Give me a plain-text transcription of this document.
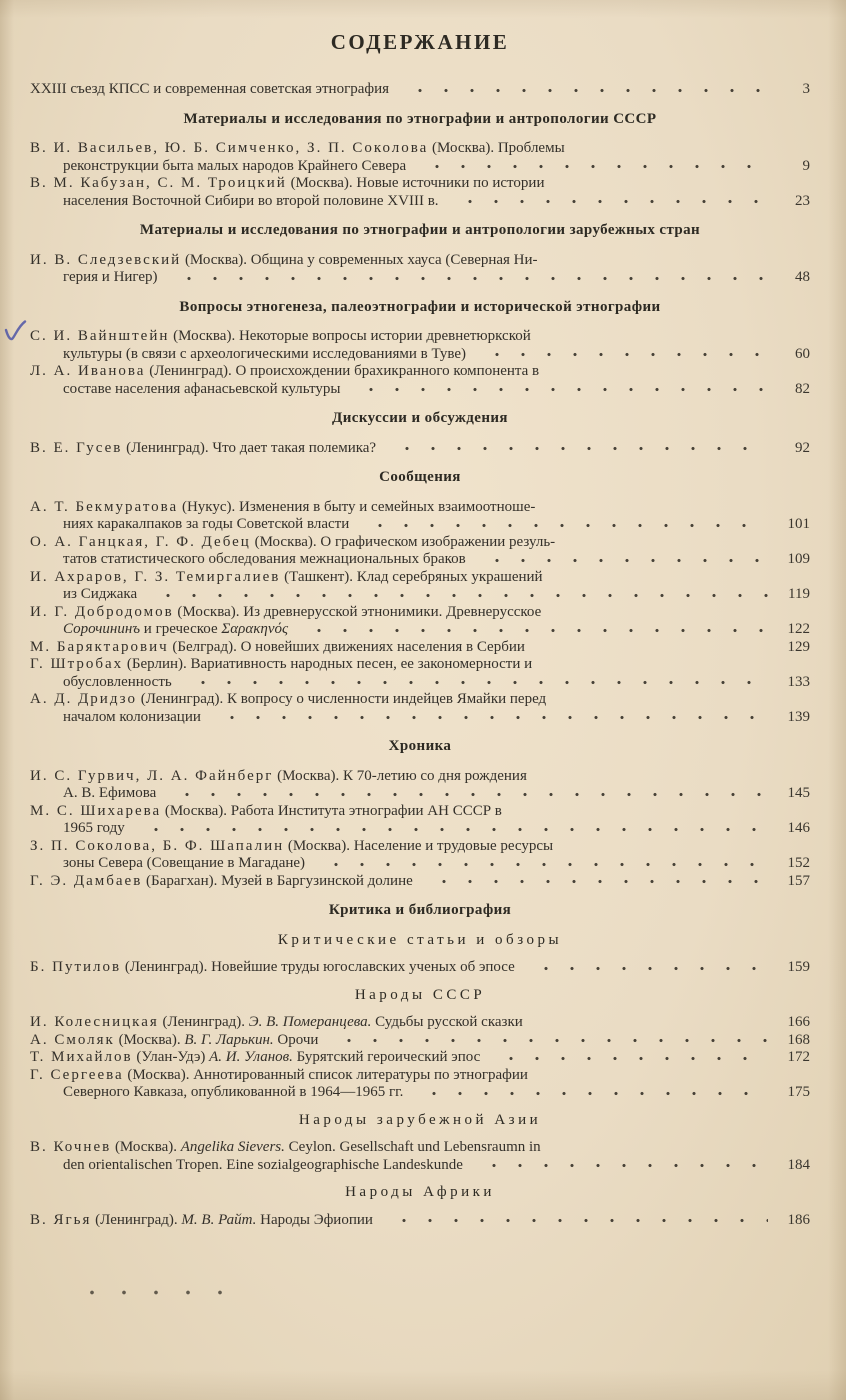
СОДЕРЖАНИЕ
XXIII съезд КПСС и современная советская этнография	3
Материалы и исследования по этнографии и антропологии СССР
В. И. Васильев, Ю. Б. Симченко, З. П. Соколова (Москва). Проблемы
реконструкции быта малых народов Крайнего Севера	9
В. М. Кабузан, С. М. Троицкий (Москва). Новые источники по истории
населения Восточной Сибири во второй половине XVIII в.	23
Материалы и исследования по этнографии и антропологии зарубежных стран
И. В. Следзевский (Москва). Община у современных хауса (Северная Ни-
герия и Нигер)	48
Вопросы этногенеза, палеоэтнографии и исторической этнографии
С. И. Вайнштейн (Москва). Некоторые вопросы истории древнетюркской
культуры (в связи с археологическими исследованиями в Туве)	60
Л. А. Иванова (Ленинград). О происхождении брахикранного компонента в
составе населения афанасьевской культуры	82
Дискуссии и обсуждения
В. Е. Гусев (Ленинград). Что дает такая полемика?	92
Сообщения
А. Т. Бекмуратова (Нукус). Изменения в быту и семейных взаимоотноше-
ниях каракалпаков за годы Советской власти	101
О. А. Ганцкая, Г. Ф. Дебец (Москва). О графическом изображении резуль-
татов статистического обследования межнациональных браков	109
И. Ахраров, Г. З. Темиргалиев (Ташкент). Клад серебряных украшений
из Сиджака	119
И. Г. Добродомов (Москва). Из древнерусской этнонимики. Древнерусское
Сорочининъ и греческое Σαρακηνός	122
М. Баряктарович (Белград). О новейших движениях населения в Сербии	129
Г. Штробах (Берлин). Вариативность народных песен, ее закономерности и
обусловленность	133
А. Д. Дридзо (Ленинград). К вопросу о численности индейцев Ямайки перед
началом колонизации	139
Хроника
И. С. Гурвич, Л. А. Файнберг (Москва). К 70-летию со дня рождения
А. В. Ефимова	145
М. С. Шихарева (Москва). Работа Института этнографии АН СССР в
1965 году	146
З. П. Соколова, Б. Ф. Шапалин (Москва). Население и трудовые ресурсы
зоны Севера (Совещание в Магадане)	152
Г. Э. Дамбаев (Барагхан). Музей в Баргузинской долине	157
Критика и библиография
Критические статьи и обзоры
Б. Путилов (Ленинград). Новейшие труды югославских ученых об эпосе	159
Народы СССР
И. Колесницкая (Ленинград). Э. В. Померанцева. Судьбы русской сказки	166
А. Смоляк (Москва). В. Г. Ларькин. Орочи	168
Т. Михайлов (Улан-Удэ) А. И. Уланов. Бурятский героический эпос	172
Г. Сергеева (Москва). Аннотированный список литературы по этнографии
Северного Кавказа, опубликованной в 1964—1965 гг.	175
Народы зарубежной Азии
В. Кочнев (Москва). Angelika Sievers. Ceylon. Gesellschaft und Lebensraumn in
den orientalischen Tropen. Eine sozialgeographische Landeskunde	184
Народы Африки
В. Ягья (Ленинград). М. В. Райт. Народы Эфиопии	186
